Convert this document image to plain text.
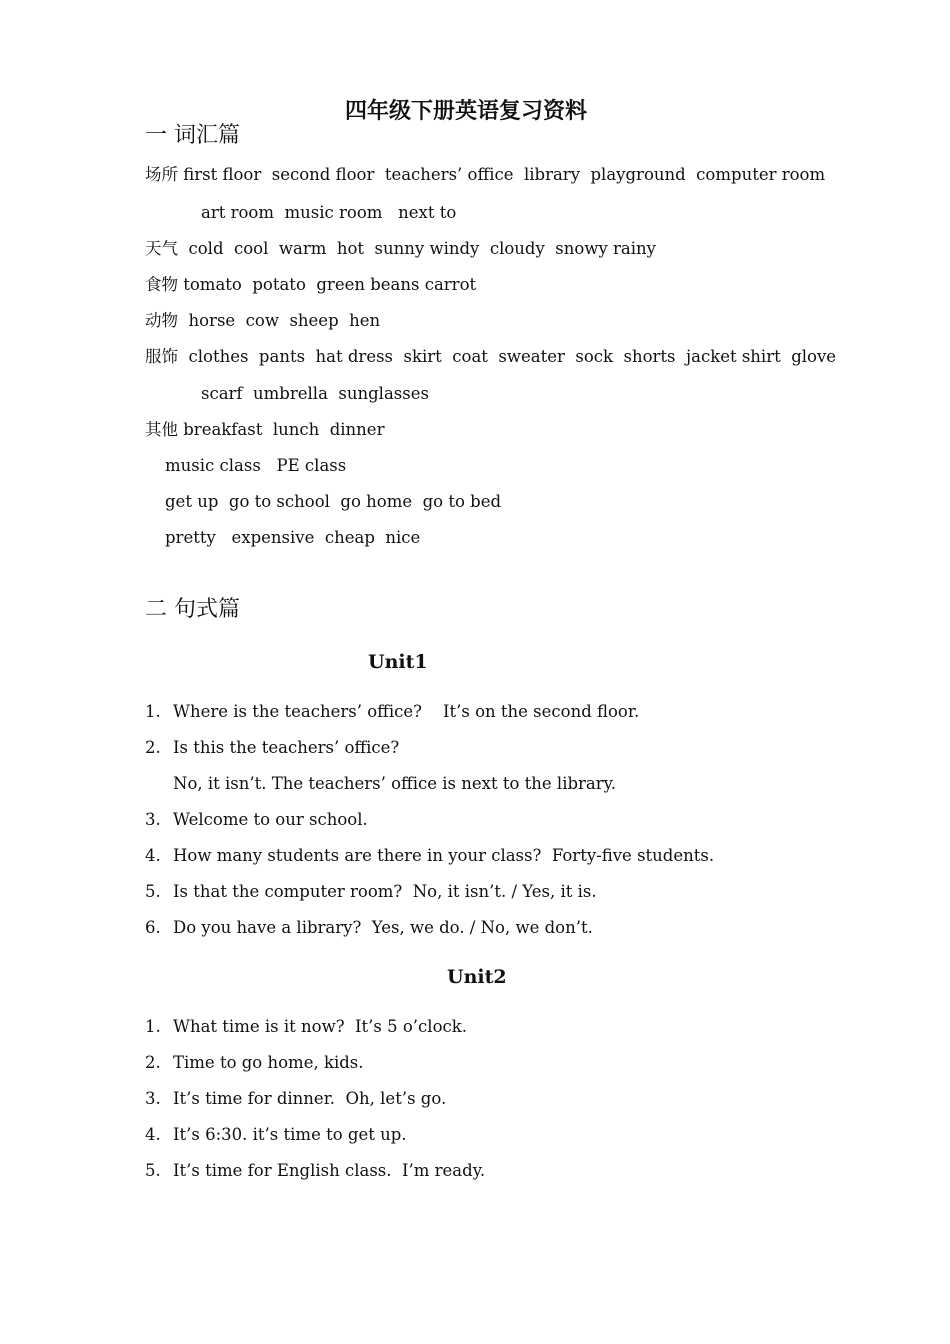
四年级下册英语复习资料
一 词汇篇
场所 first floor  second floor  teachers’ office  library  playground  computer room
art room  music room   next to
天气  cold  cool  warm  hot  sunny windy  cloudy  snowy rainy
食物 tomato  potato  green beans carrot
动物  horse  cow  sheep  hen
服饰  clothes  pants  hat dress  skirt  coat  sweater  sock  shorts  jacket shirt  glove
scarf  umbrella  sunglasses
其他 breakfast  lunch  dinner
music class   PE class
get up  go to school  go home  go to bed
pretty   expensive  cheap  nice
二 句式篇
Unit1
1. Where is the teachers’ office?    It’s on the second floor.
2. Is this the teachers’ office?
No, it isn’t. The teachers’ office is next to the library.
3. Welcome to our school.
4. How many students are there in your class?  Forty-five students.
5. Is that the computer room?  No, it isn’t. / Yes, it is.
6. Do you have a library?  Yes, we do. / No, we don’t.
Unit2
1. What time is it now?  It’s 5 o’clock.
2. Time to go home, kids.
3. It’s time for dinner.  Oh, let’s go.
4. It’s 6:30. it’s time to get up.
5. It’s time for English class.  I’m ready.
